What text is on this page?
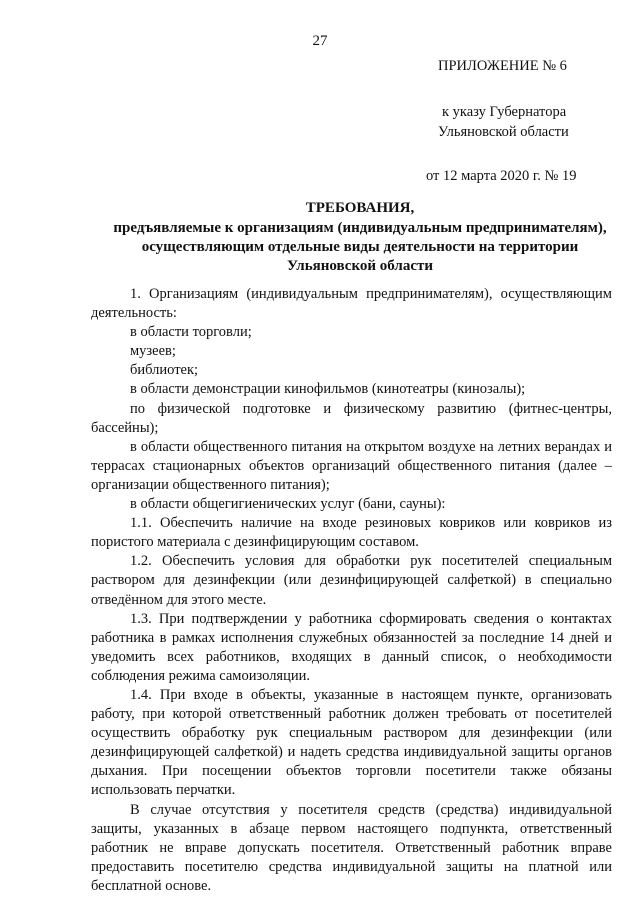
27
ПРИЛОЖЕНИЕ № 6
к указу Губернатора
Ульяновской области
от 12 марта 2020 г. № 19
ТРЕБОВАНИЯ,
предъявляемые к организациям (индивидуальным предпринимателям),
осуществляющим отдельные виды деятельности на территории
Ульяновской области

1. Организациям (индивидуальным предпринимателям), осуществляющим деятельность:

в области торговли;

музеев;

библиотек;

в области демонстрации кинофильмов (кинотеатры (кинозалы);

по физической подготовке и физическому развитию (фитнес-центры, бассейны);

в области общественного питания на открытом воздухе на летних верандах и террасах стационарных объектов организаций общественного питания (далее – организации общественного питания);

в области общегигиенических услуг (бани, сауны):

1.1. Обеспечить наличие на входе резиновых ковриков или ковриков из пористого материала с дезинфицирующим составом.

1.2. Обеспечить условия для обработки рук посетителей специальным раствором для дезинфекции (или дезинфицирующей салфеткой) в специально отведённом для этого месте.

1.3. При подтверждении у работника сформировать сведения о контактах работника в рамках исполнения служебных обязанностей за последние 14 дней и уведомить всех работников, входящих в данный список, о необходимости соблюдения режима самоизоляции.

1.4. При входе в объекты, указанные в настоящем пункте, организовать работу, при которой ответственный работник должен требовать от посетителей осуществить обработку рук специальным раствором для дезинфекции (или дезинфицирующей салфеткой) и надеть средства индивидуальной защиты органов дыхания. При посещении объектов торговли посетители также обязаны использовать перчатки.

В случае отсутствия у посетителя средств (средства) индивидуальной защиты, указанных в абзаце первом настоящего подпункта, ответственный работник не вправе допускать посетителя. Ответственный работник вправе предоставить посетителю средства индивидуальной защиты на платной или бесплатной основе.
